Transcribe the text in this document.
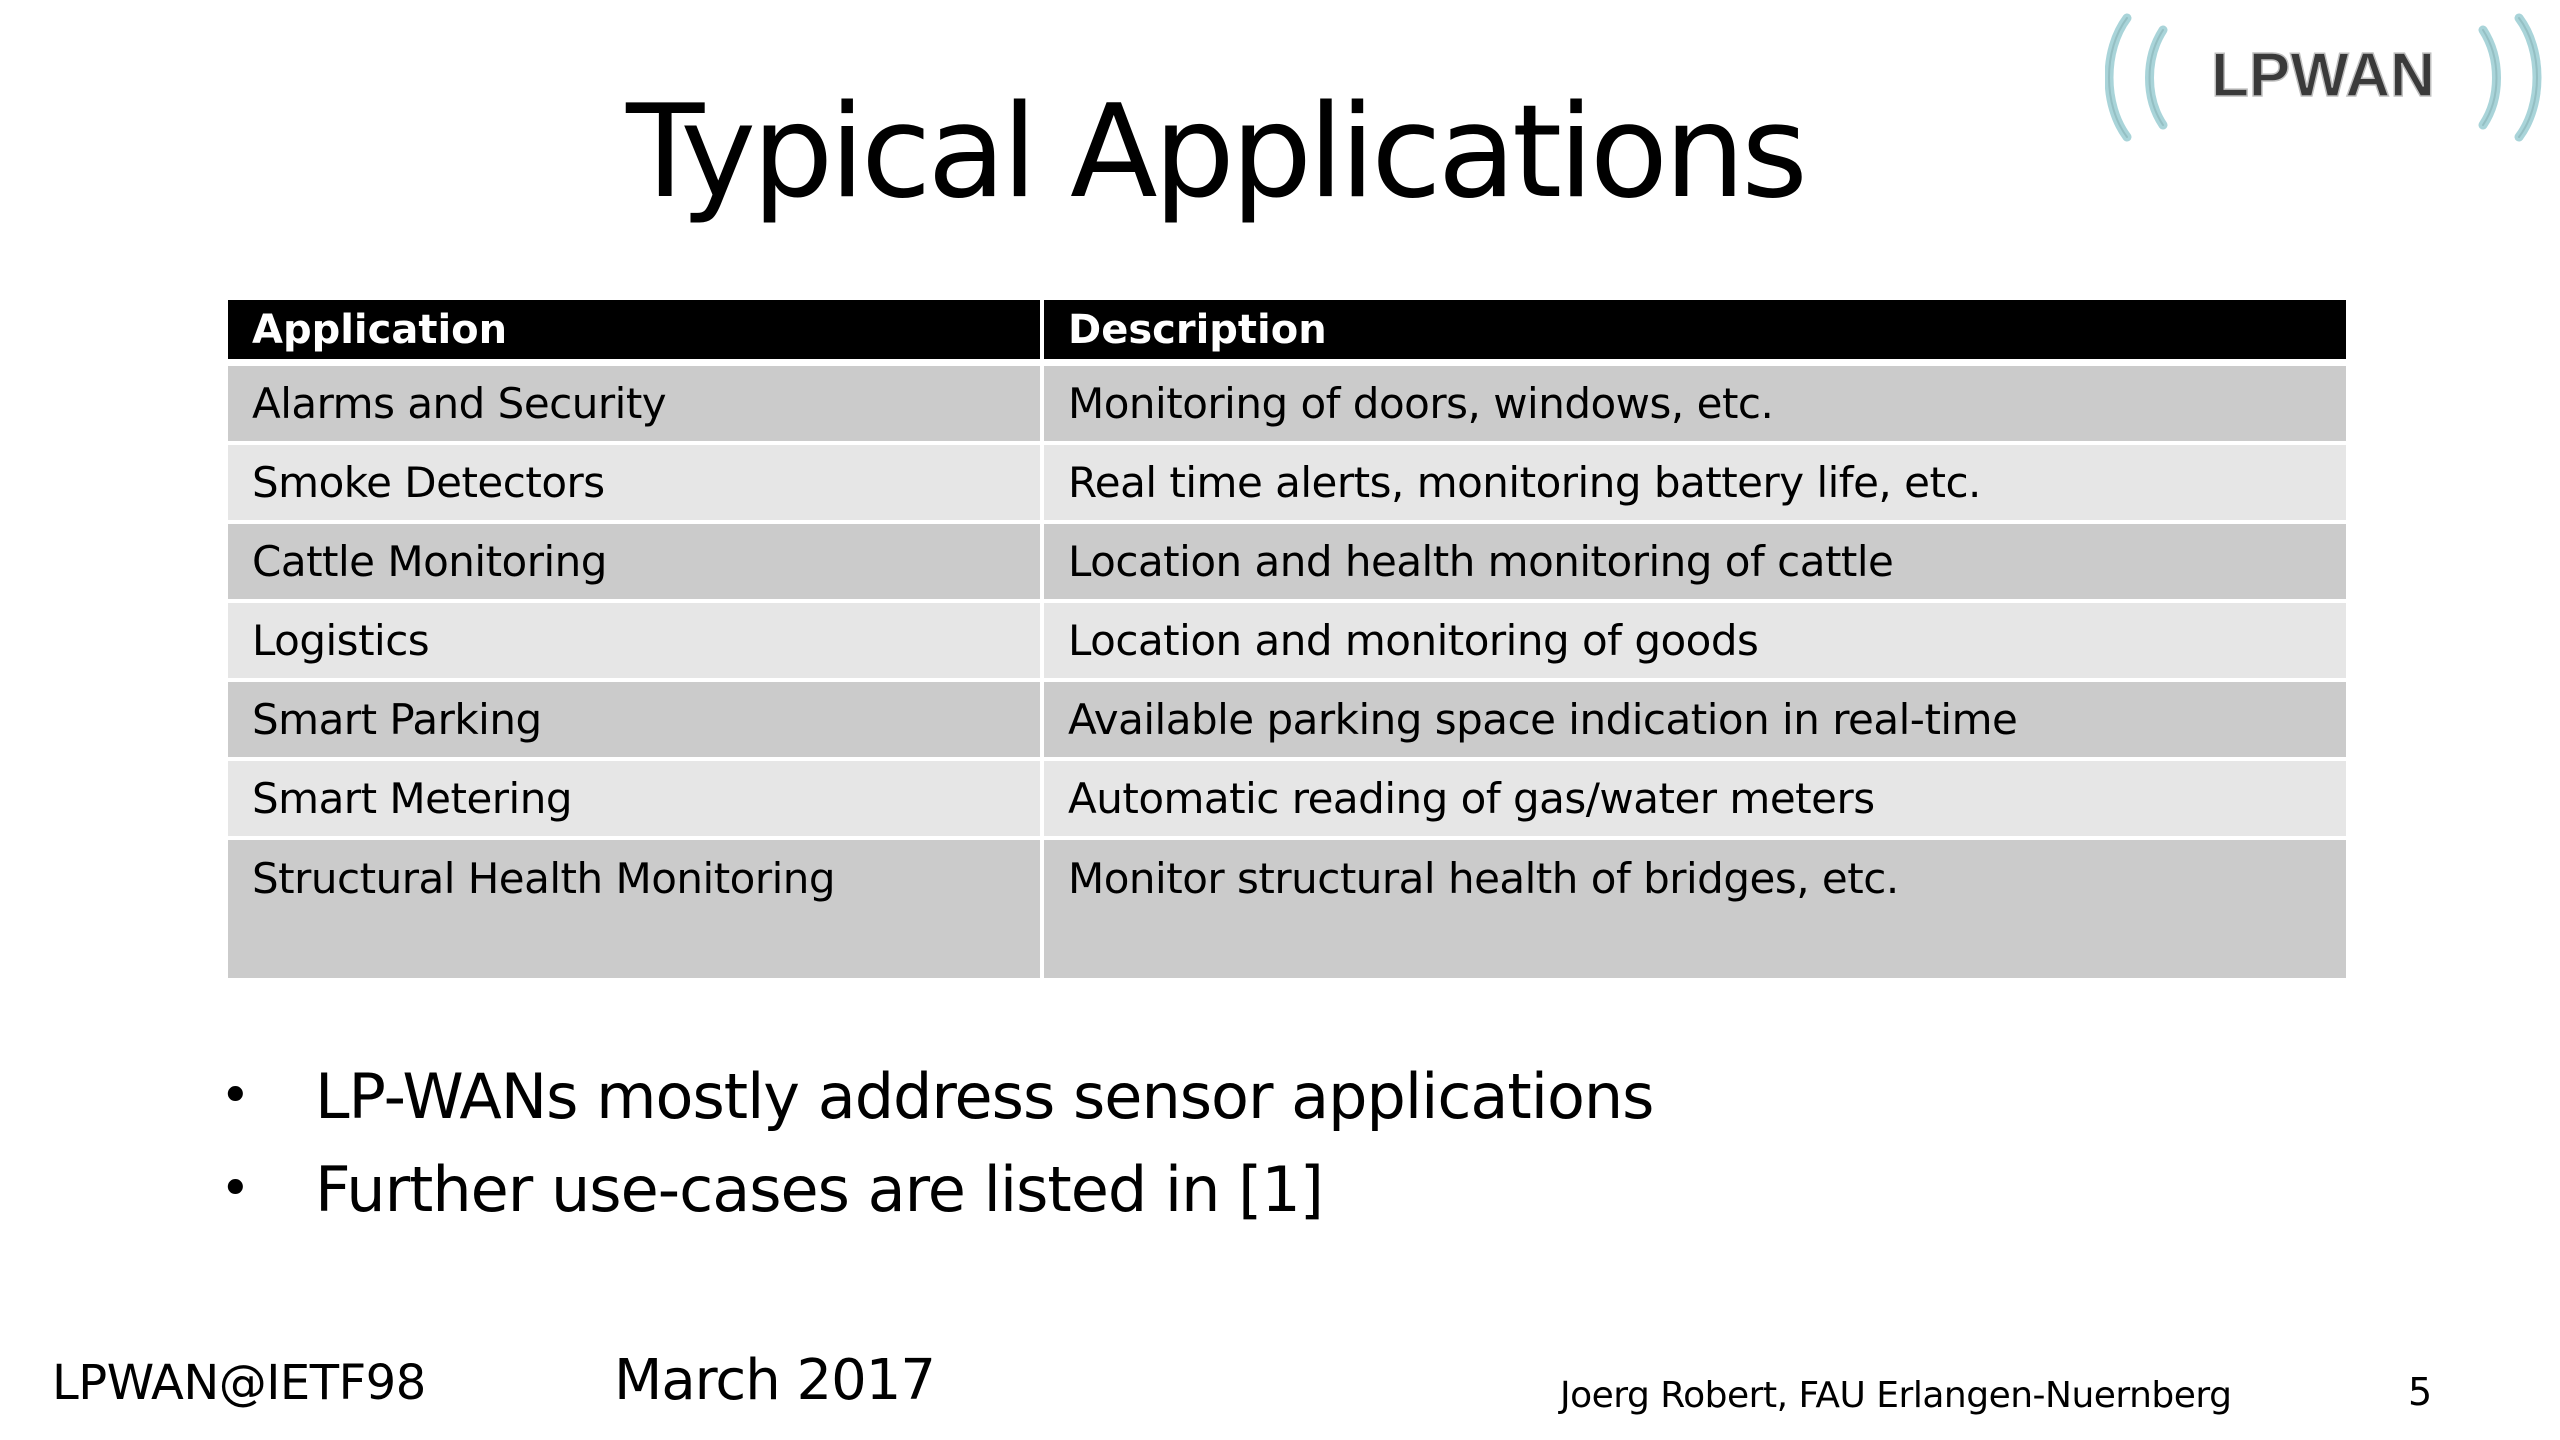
LPWAN
Typical Applications
Application	Description
Alarms and Security	Monitoring of doors, windows, etc.
Smoke Detectors	Real time alerts, monitoring battery life, etc.
Cattle Monitoring	Location and health monitoring of cattle
Logistics	Location and monitoring of goods
Smart Parking	Available parking space indication in real-time
Smart Metering	Automatic reading of gas/water meters
Structural Health Monitoring	Monitor structural health of bridges, etc.
• LP-WANs mostly address sensor applications
• Further use-cases are listed in [1]
LPWAN@IETF98	March 2017	Joerg Robert, FAU Erlangen-Nuernberg	5
